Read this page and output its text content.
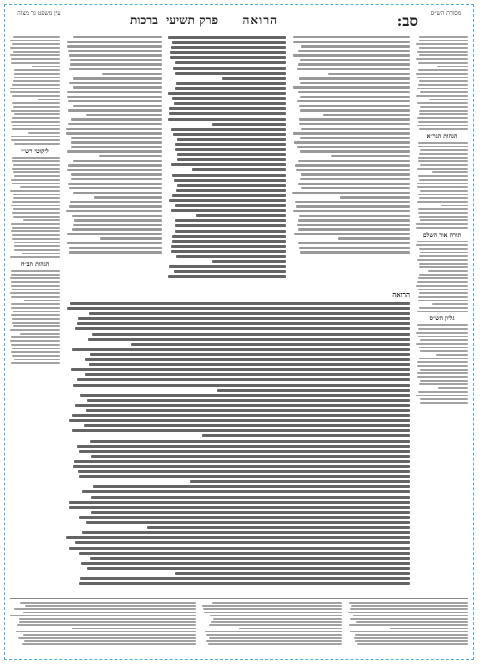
מסורת הש״ס
סב:
הרואה
פרק תשיעי
ברכות
עין משפט נר מצוה
הגהות הגר״א
תורה אור השלם
גליון הש״ס
ליקוטי רש״י
הגהות הב״ח
הרואה
